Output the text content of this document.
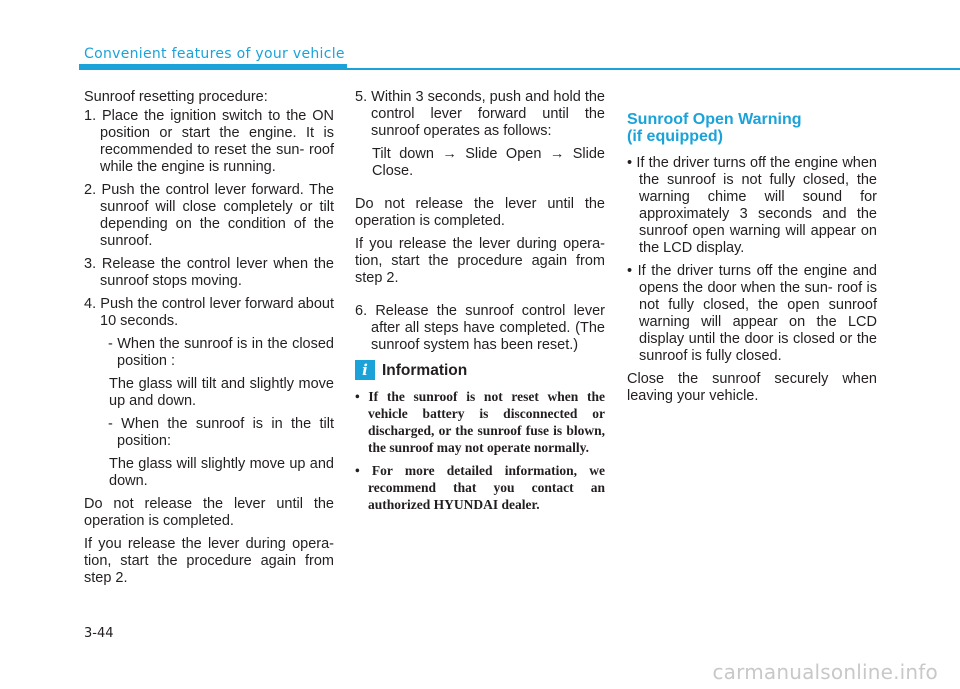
Convenient features of your vehicle

Sunroof resetting procedure:

1. Place the ignition switch to the ON position or start the engine. It is recommended to reset the sun- roof while the engine is running.

2. Push the control lever forward. The sunroof will close completely or tilt depending on the condition of the sunroof.

3. Release the control lever when the sunroof stops moving.

4. Push the control lever forward about 10 seconds.

- When the sunroof is in the closed position :

The glass will tilt and slightly move up and down.

- When the sunroof is in the tilt position:

The glass will slightly move up and down.

Do not release the lever until the operation is completed.

If you release the lever during opera- tion, start the procedure again from step 2.

5. Within 3 seconds, push and hold the control lever forward until the sunroof operates as follows:

Tilt down → Slide Open → Slide Close.

Do not release the lever until the operation is completed.

If you release the lever during opera- tion, start the procedure again from step 2.

6. Release the sunroof control lever after all steps have completed. (The sunroof system has been reset.)

i Information

• If the sunroof is not reset when the vehicle battery is disconnected or discharged, or the sunroof fuse is blown, the sunroof may not operate normally.

• For more detailed information, we recommend that you contact an authorized HYUNDAI dealer.

Sunroof Open Warning
(if equipped)

• If the driver turns off the engine when the sunroof is not fully closed, the warning chime will sound for approximately 3 seconds and the sunroof open warning will appear on the LCD display.

• If the driver turns off the engine and opens the door when the sun- roof is not fully closed, the open sunroof warning will appear on the LCD display until the door is closed or the sunroof is fully closed.

Close the sunroof securely when leaving your vehicle.

3-44
carmanualsonline.info
